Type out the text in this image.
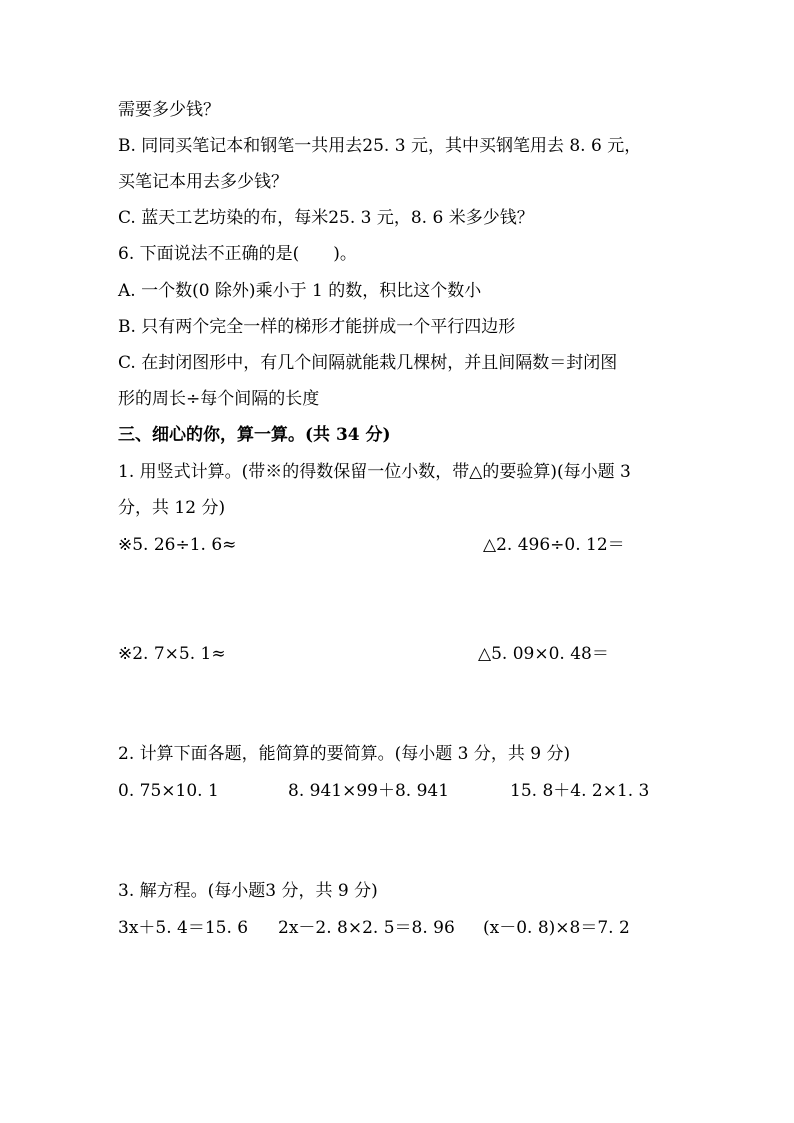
需要多少钱？
B. 同同买笔记本和钢笔一共用去25. 3 元，其中买钢笔用去 8. 6 元，
买笔记本用去多少钱？
C. 蓝天工艺坊染的布，每米25. 3 元，8. 6 米多少钱？
6. 下面说法不正确的是(　　)。
A. 一个数(0 除外)乘小于 1 的数，积比这个数小
B. 只有两个完全一样的梯形才能拼成一个平行四边形
C. 在封闭图形中，有几个间隔就能栽几棵树，并且间隔数＝封闭图
形的周长÷每个间隔的长度
三、细心的你，算一算。(共 34 分)
1. 用竖式计算。(带※的得数保留一位小数，带△的要验算)(每小题 3
分，共 12 分)
※5. 26÷1. 6≈	△2. 496÷0. 12＝
※2. 7×5. 1≈	△5. 09×0. 48＝
2. 计算下面各题，能简算的要简算。(每小题 3 分，共 9 分)
0. 75×10. 1	8. 941×99＋8. 941	15. 8＋4. 2×1. 3
3. 解方程。(每小题3 分，共 9 分)
3x＋5. 4＝15. 6 2x－2. 8×2. 5＝8. 96 (x－0. 8)×8＝7. 2
